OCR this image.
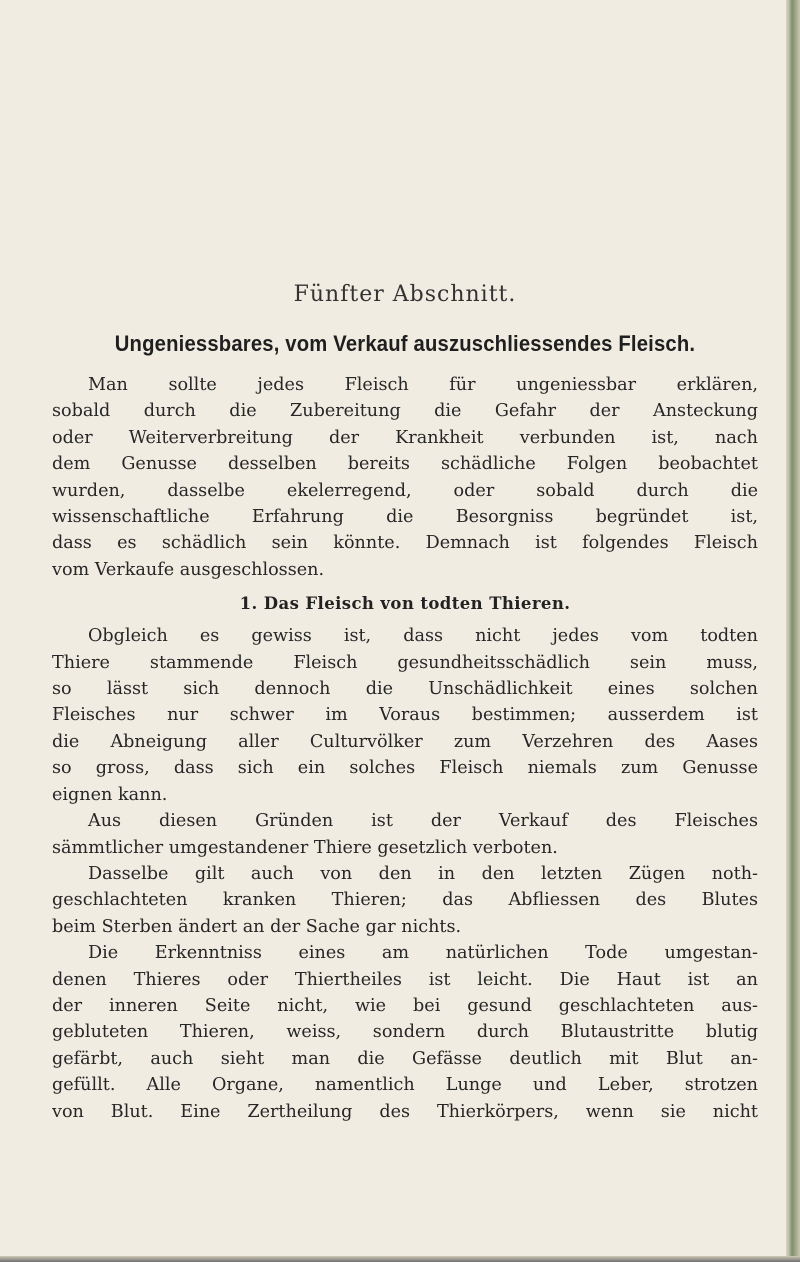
Fünfter Abschnitt.
Ungeniessbares, vom Verkauf auszuschliessendes Fleisch.
Man sollte jedes Fleisch für ungeniessbar erklären,
sobald durch die Zubereitung die Gefahr der Ansteckung
oder Weiterverbreitung der Krankheit verbunden ist, nach
dem Genusse desselben bereits schädliche Folgen beobachtet
wurden, dasselbe ekelerregend, oder sobald durch die
wissenschaftliche Erfahrung die Besorgniss begründet ist,
dass es schädlich sein könnte. Demnach ist folgendes Fleisch
vom Verkaufe ausgeschlossen.
1. Das Fleisch von todten Thieren.
Obgleich es gewiss ist, dass nicht jedes vom todten
Thiere stammende Fleisch gesundheitsschädlich sein muss,
so lässt sich dennoch die Unschädlichkeit eines solchen
Fleisches nur schwer im Voraus bestimmen; ausserdem ist
die Abneigung aller Culturvölker zum Verzehren des Aases
so gross, dass sich ein solches Fleisch niemals zum Genusse
eignen kann.
Aus diesen Gründen ist der Verkauf des Fleisches
sämmtlicher umgestandener Thiere gesetzlich verboten.
Dasselbe gilt auch von den in den letzten Zügen noth-
geschlachteten kranken Thieren; das Abfliessen des Blutes
beim Sterben ändert an der Sache gar nichts.
Die Erkenntniss eines am natürlichen Tode umgestan-
denen Thieres oder Thiertheiles ist leicht. Die Haut ist an
der inneren Seite nicht, wie bei gesund geschlachteten aus-
gebluteten Thieren, weiss, sondern durch Blutaustritte blutig
gefärbt, auch sieht man die Gefässe deutlich mit Blut an-
gefüllt. Alle Organe, namentlich Lunge und Leber, strotzen
von Blut. Eine Zertheilung des Thierkörpers, wenn sie nicht
